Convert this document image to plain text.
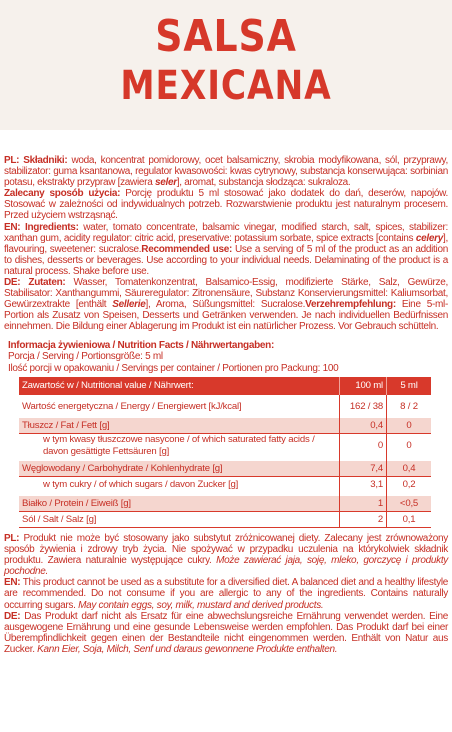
SALSA
MEXICANA

PL: Składniki: woda, koncentrat pomidorowy, ocet balsamiczny, skrobia modyfikowana, sól, przyprawy, stabilizator: guma ksantanowa, regulator kwasowości: kwas cytrynowy, substancja konserwująca: sorbinian potasu, ekstrakty przypraw [zawiera seler], aromat, substancja słodząca: sukraloza.
Zalecany sposób użycia: Porcję produktu 5 ml stosować jako dodatek do dań, deserów, napojów. Stosować w zależności od indywidualnych potrzeb. Rozwarstwienie produktu jest naturalnym procesem. Przed użyciem wstrząsnąć.

EN: Ingredients: water, tomato concentrate, balsamic vinegar, modified starch, salt, spices, stabilizer: xanthan gum, acidity regulator: citric acid, preservative: potassium sorbate, spice extracts [contains celery], flavouring, sweetener: sucralose.Recommended use: Use a serving of 5 ml of the product as an addition to dishes, desserts or beverages. Use according to your individual needs. Delaminating of the product is a natural process. Shake before use.

DE: Zutaten: Wasser, Tomatenkonzentrat, Balsamico-Essig, modifizierte Stärke, Salz, Gewürze, Stabilisator: Xanthangummi, Säureregulator: Zitronensäure, Substanz Konservierungsmittel: Kaliumsorbat, Gewürzextrakte [enthält Sellerie], Aroma, Süßungsmittel: Sucralose.Verzehrempfehlung: Eine 5-ml-Portion als Zusatz von Speisen, Desserts und Getränken verwenden. Je nach individuellen Bedürfnissen einnehmen. Die Bildung einer Ablagerung im Produkt ist ein natürlicher Prozess. Vor Gebrauch schütteln.

Informacja żywieniowa / Nutrition Facts / Nährwertangaben:

Porcja / Serving / Portionsgröße: 5 ml

Ilość porcji w opakowaniu / Servings per container / Portionen pro Packung: 100

Zawartość w / Nutritional value / Nährwert:	100 ml	5 ml

Wartość energetyczna / Energy / Energiewert [kJ/kcal]	162 / 38	8 / 2

Tłuszcz / Fat / Fett [g]	0,4	0
w tym kwasy tłuszczowe nasycone / of which saturated fatty acids / davon gesättigte Fettsäuren [g]	0	0

Węglowodany / Carbohydrate / Kohlenhydrate [g]	7,4	0,4
w tym cukry / of which sugars / davon Zucker [g]	3,1	0,2

Białko / Protein / Eiweiß [g]	1	<0,5
Sól / Salt / Salz [g]	2	0,1

PL: Produkt nie może być stosowany jako substytut zróżnicowanej diety. Zalecany jest zrównoważony sposób żywienia i zdrowy tryb życia. Nie spożywać w przypadku uczulenia na którykolwiek składnik produktu. Zawiera naturalnie występujące cukry. Może zawierać jaja, soję, mleko, gorczycę i produkty pochodne.

EN: This product cannot be used as a substitute for a diversified diet. A balanced diet and a healthy lifestyle are recommended. Do not consume if you are allergic to any of the ingredients. Contains naturally occurring sugars. May contain eggs, soy, milk, mustard and derived products.

DE: Das Produkt darf nicht als Ersatz für eine abwechslungsreiche Ernährung verwendet werden. Eine ausgewogene Ernährung und eine gesunde Lebensweise werden empfohlen. Das Produkt darf bei einer Überempfindlichkeit gegen einen der Bestandteile nicht eingenommen werden. Enthält von Natur aus Zucker. Kann Eier, Soja, Milch, Senf und daraus gewonnene Produkte enthalten.
